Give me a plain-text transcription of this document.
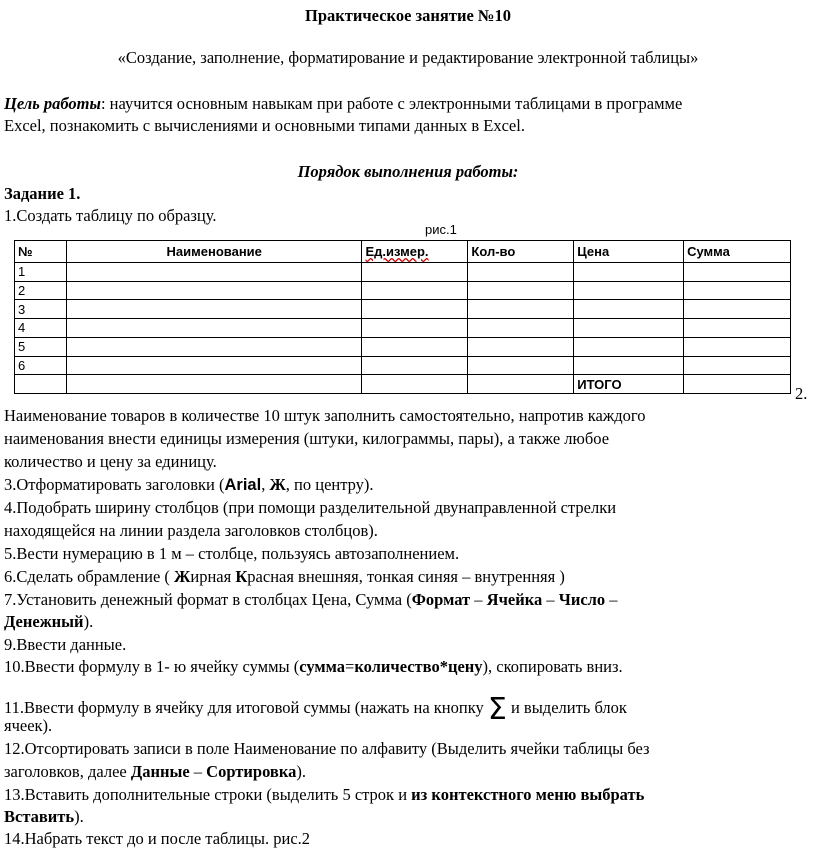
Практическое занятие №10
«Создание, заполнение, форматирование и редактирование электронной таблицы»
Цель работы: научится основным навыкам при работе с электронными таблицами в программе
Excel, познакомить с вычислениями и основными типами данных в Excel.
Порядок выполнения работы:
Задание 1.
1.Создать таблицу по образцу.
рис.1
№	Наименование	Ед.измер.	Кол-во	Цена	Сумма
1					
2					
3					
4					
5					
6					
				ИТОГО		2.
Наименование товаров в количестве 10 штук заполнить самостоятельно, напротив каждого
наименования внести единицы измерения (штуки, килограммы, пары), а также любое
количество и цену за единицу.
3.Отформатировать заголовки (Arial, Ж, по центру).
4.Подобрать ширину столбцов (при помощи разделительной двунаправленной стрелки
находящейся на линии раздела заголовков столбцов).
5.Вести нумерацию в 1 м – столбце, пользуясь автозаполнением.
6.Сделать обрамление ( Жирная Красная внешняя, тонкая синяя – внутренняя )
7.Установить денежный формат в столбцах Цена, Сумма (Формат – Ячейка – Число –
Денежный).
9.Ввести данные.
10.Ввести формулу в 1- ю ячейку суммы (сумма=количество*цену), скопировать вниз.
11.Ввести формулу в ячейку для итоговой суммы (нажать на кнопку Σ и выделить блок
ячеек).
12.Отсортировать записи в поле Наименование по алфавиту (Выделить ячейки таблицы без
заголовков, далее Данные – Сортировка).
13.Вставить дополнительные строки (выделить 5 строк и из контекстного меню выбрать
Вставить).
14.Набрать текст до и после таблицы. рис.2
